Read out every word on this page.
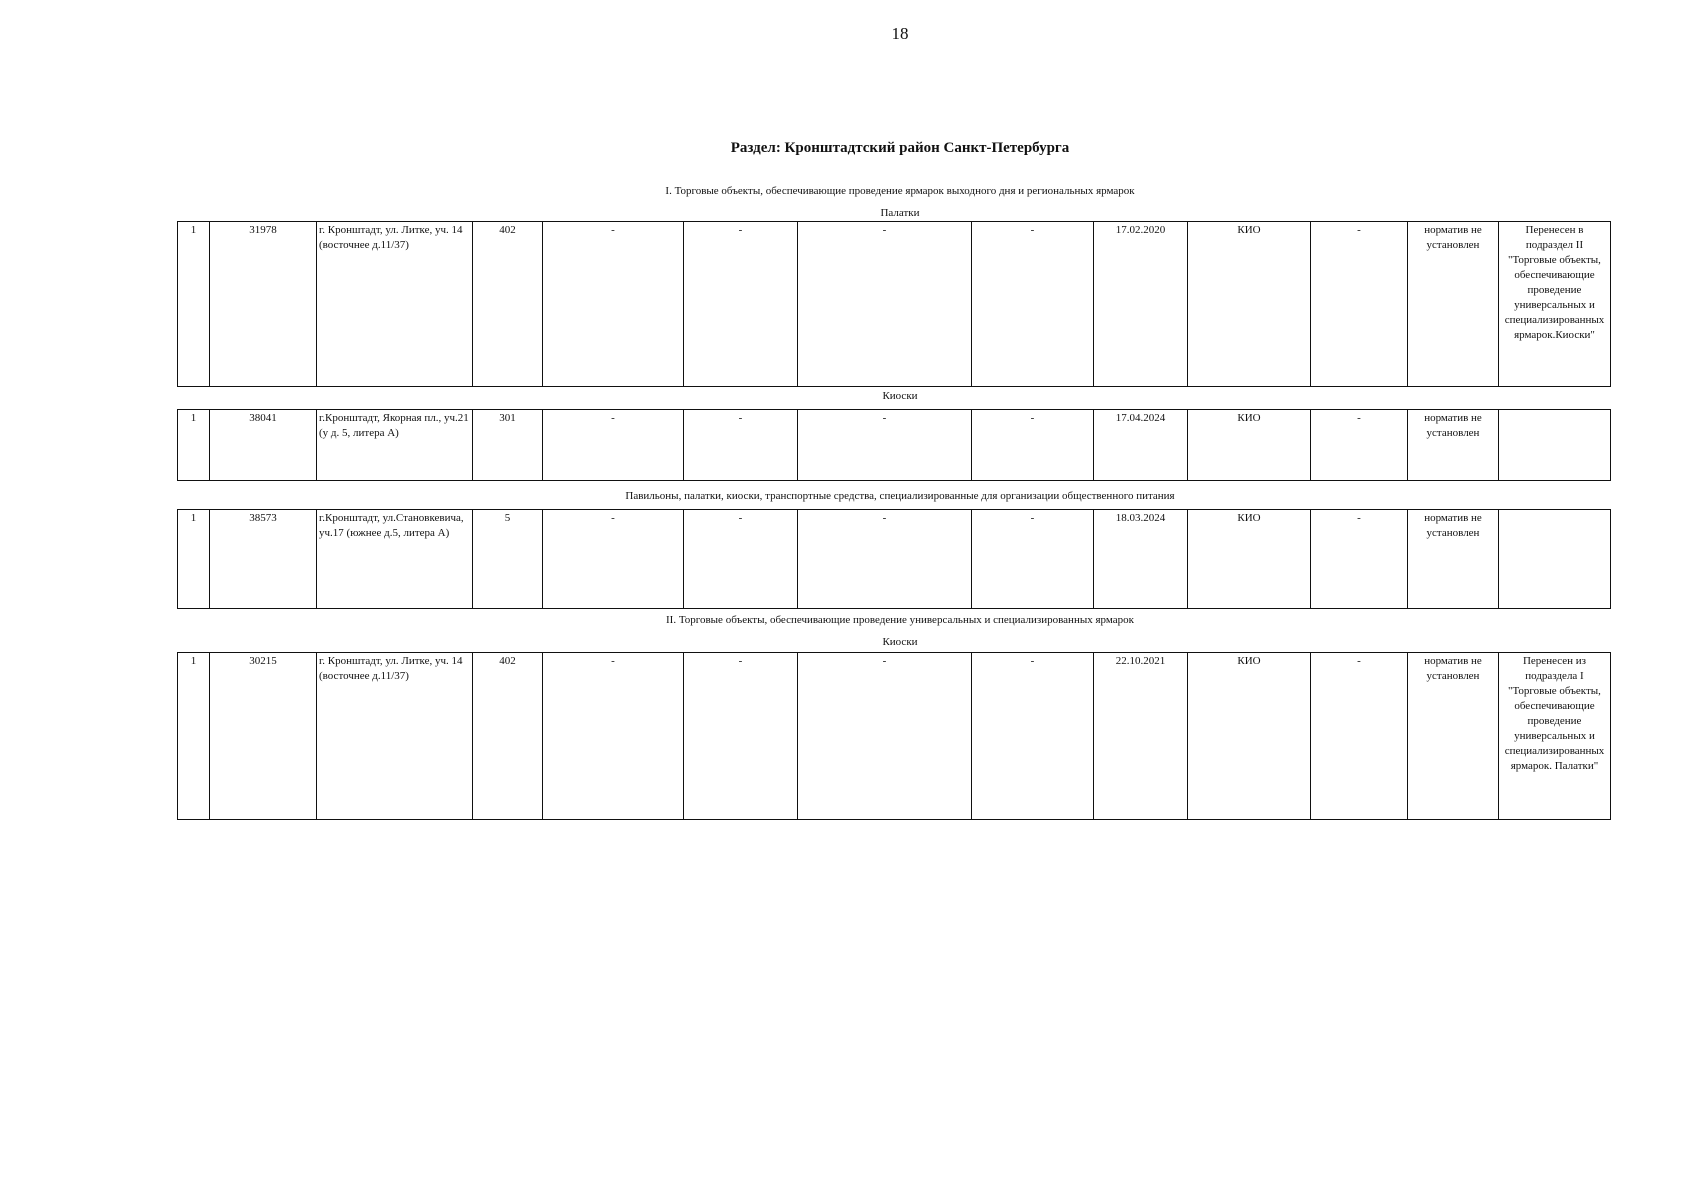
18
Раздел: Кронштадтский район Санкт-Петербурга
I. Торговые объекты, обеспечивающие проведение ярмарок выходного дня и региональных ярмарок
Палатки
1	31978	г. Кронштадт, ул. Литке, уч. 14 (восточнее д.11/37)	402	-	-	-	-	17.02.2020	КИО	-	норматив не установлен	Перенесен в подраздел II "Торговые объекты, обеспечивающие проведение универсальных и специализированных ярмарок.Киоски"
Киоски
1	38041	г.Кронштадт, Якорная пл., уч.21 (у д. 5, литера А)	301	-	-	-	-	17.04.2024	КИО	-	норматив не установлен	
Павильоны, палатки, киоски, транспортные средства, специализированные для организации общественного питания
1	38573	г.Кронштадт, ул.Становкевича, уч.17 (южнее д.5, литера А)	5	-	-	-	-	18.03.2024	КИО	-	норматив не установлен	
II. Торговые объекты, обеспечивающие проведение универсальных и специализированных ярмарок
Киоски
1	30215	г. Кронштадт, ул. Литке, уч. 14 (восточнее д.11/37)	402	-	-	-	-	22.10.2021	КИО	-	норматив не установлен	Перенесен из подраздела I "Торговые объекты, обеспечивающие проведение универсальных и специализированных ярмарок. Палатки"
